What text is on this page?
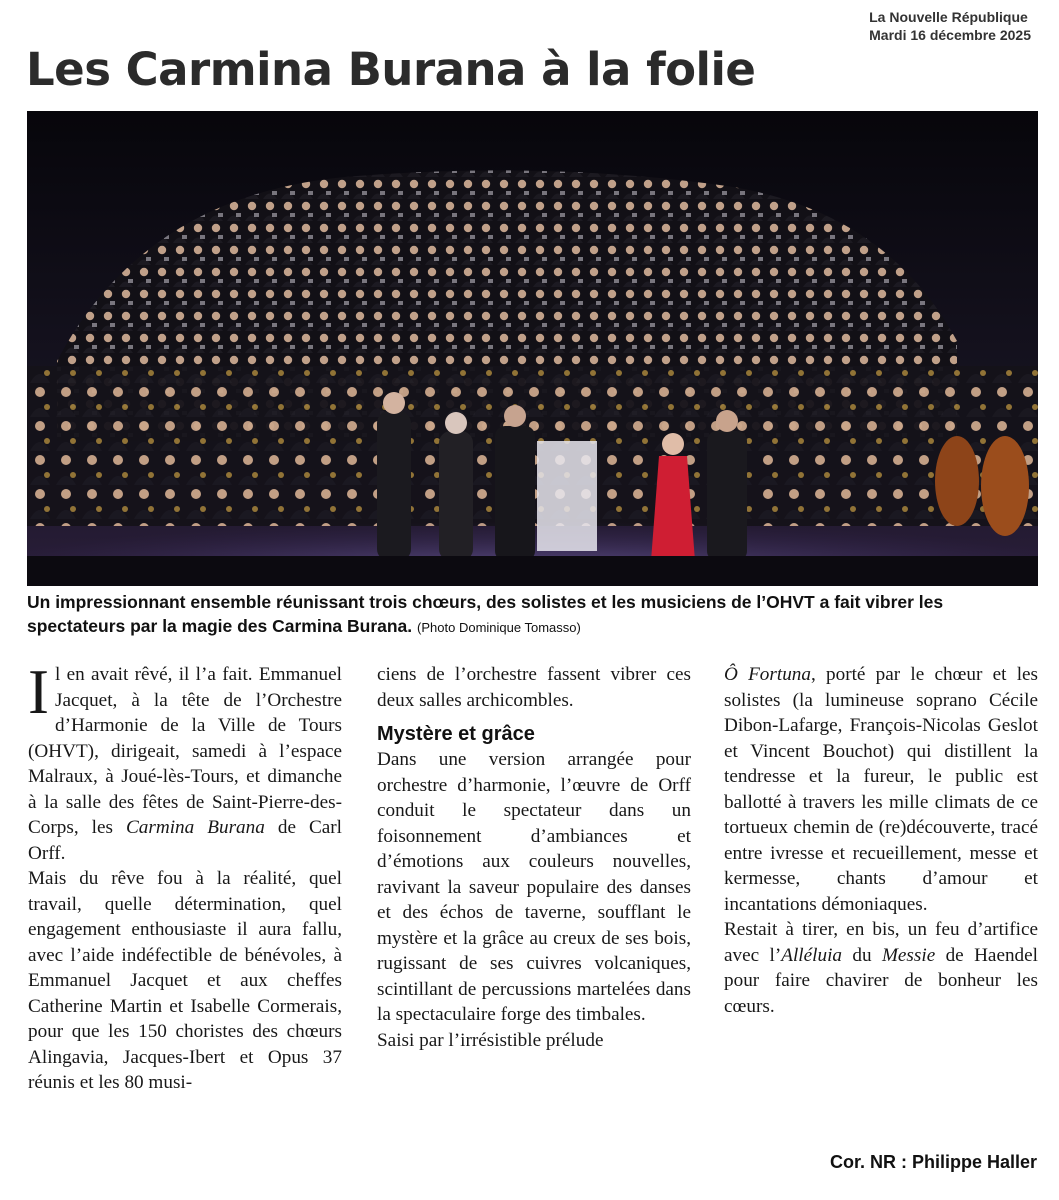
La Nouvelle République
Mardi 16 décembre 2025
Les Carmina Burana à la folie
Un impressionnant ensemble réunissant trois chœurs, des solistes et les musiciens de l’OHVT a fait vibrer les spectateurs par la magie des Carmina Burana. (Photo Dominique Tomasso)

Il en avait rêvé, il l’a fait. Emmanuel Jacquet, à la tête de l’Orchestre d’Harmonie de la Ville de Tours (OHVT), dirigeait, samedi à l’espace Malraux, à Joué-lès-Tours, et dimanche à la salle des fêtes de Saint-Pierre-des-Corps, les Carmina Burana de Carl Orff.

Mais du rêve fou à la réalité, quel travail, quelle détermination, quel engagement enthousiaste il aura fallu, avec l’aide indéfectible de bénévoles, à Emmanuel Jacquet et aux cheffes Catherine Martin et Isabelle Cormerais, pour que les 150 choristes des chœurs Alingavia, Jacques-Ibert et Opus 37 réunis et les 80 musi-

ciens de l’orchestre fassent vibrer ces deux salles archicombles.

Mystère et grâce

Dans une version arrangée pour orchestre d’harmonie, l’œuvre de Orff conduit le spectateur dans un foisonnement d’ambiances et d’émotions aux couleurs nouvelles, ravivant la saveur populaire des danses et des échos de taverne, soufflant le mystère et la grâce au creux de ses bois, rugissant de ses cuivres volcaniques, scintillant de percussions martelées dans la spectaculaire forge des timbales.

Saisi par l’irrésistible prélude

Ô Fortuna, porté par le chœur et les solistes (la lumineuse soprano Cécile Dibon-Lafarge, François-Nicolas Geslot et Vincent Bouchot) qui distillent la tendresse et la fureur, le public est ballotté à travers les mille climats de ce tortueux chemin de (re)découverte, tracé entre ivresse et recueillement, messe et kermesse, chants d’amour et incantations démoniaques.

Restait à tirer, en bis, un feu d’artifice avec l’Alléluia du Messie de Haendel pour faire chavirer de bonheur les cœurs.

Cor. NR : Philippe Haller
